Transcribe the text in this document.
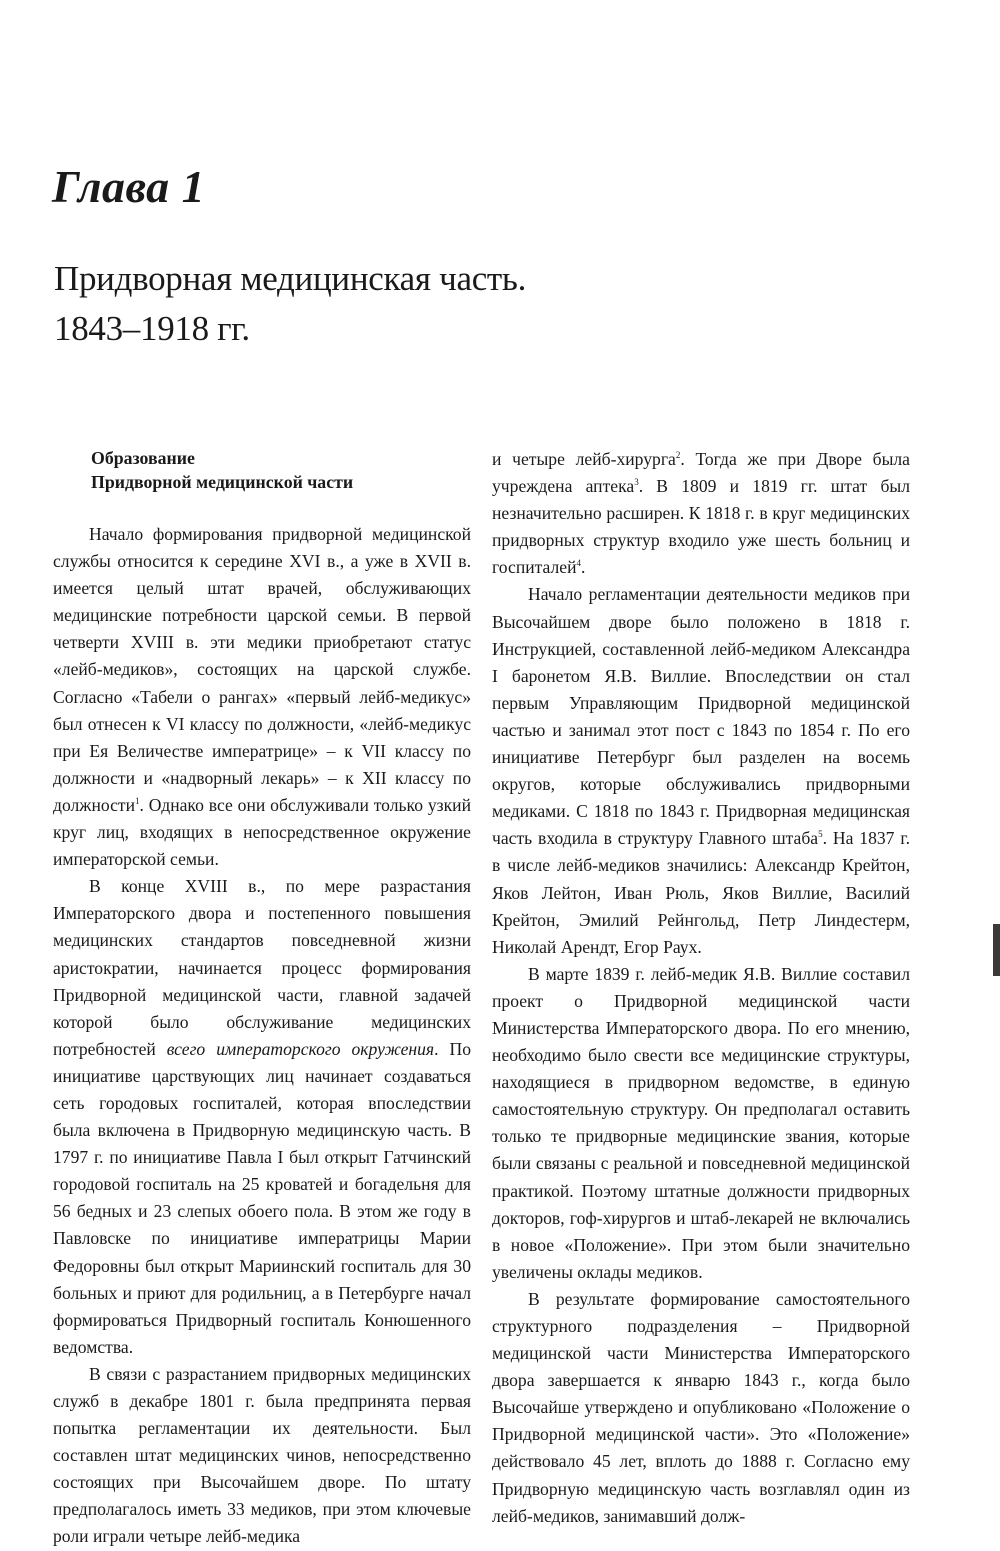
Глава 1
Придворная медицинская часть.
1843–1918 гг.
Образование
Придворной медицинской части

Начало формирования придворной медицинской службы относится к середине XVI в., а уже в XVII в. имеется целый штат врачей, обслуживающих медицинские потребности царской семьи. В первой четверти XVIII в. эти медики приобретают статус «лейб-медиков», состоящих на царской службе. Согласно «Табели о рангах» «первый лейб-медикус» был отнесен к VI классу по должности, «лейб-медикус при Ея Величестве императрице» – к VII классу по должности и «надворный лекарь» – к XII классу по должности$^1$. Однако все они обслуживали только узкий круг лиц, входящих в непосредственное окружение императорской семьи.

В конце XVIII в., по мере разрастания Императорского двора и постепенного повышения медицинских стандартов повседневной жизни аристократии, начинается процесс формирования Придворной медицинской части, главной задачей которой было обслуживание медицинских потребностей всего императорского окружения. По инициативе царствующих лиц начинает создаваться сеть городовых госпиталей, которая впоследствии была включена в Придворную медицинскую часть. В 1797 г. по инициативе Павла I был открыт Гатчинский городовой госпиталь на 25 кроватей и богадельня для 56 бедных и 23 слепых обоего пола. В этом же году в Павловске по инициативе императрицы Марии Федоровны был открыт Мариинский госпиталь для 30 больных и приют для родильниц, а в Петербурге начал формироваться Придворный госпиталь Конюшенного ведомства.

В связи с разрастанием придворных медицинских служб в декабре 1801 г. была предпринята первая попытка регламентации их деятельности. Был составлен штат медицинских чинов, непосредственно состоящих при Высочайшем дворе. По штату предполагалось иметь 33 медиков, при этом ключевые роли играли четыре лейб-медика

и четыре лейб-хирурга$^2$. Тогда же при Дворе была учреждена аптека$^3$. В 1809 и 1819 гг. штат был незначительно расширен. К 1818 г. в круг медицинских придворных структур входило уже шесть больниц и госпиталей$^4$.

Начало регламентации деятельности медиков при Высочайшем дворе было положено в 1818 г. Инструкцией, составленной лейб-медиком Александра I баронетом Я.В. Виллие. Впоследствии он стал первым Управляющим Придворной медицинской частью и занимал этот пост с 1843 по 1854 г. По его инициативе Петербург был разделен на восемь округов, которые обслуживались придворными медиками. С 1818 по 1843 г. Придворная медицинская часть входила в структуру Главного штаба$^5$. На 1837 г. в числе лейб-медиков значились: Александр Крейтон, Яков Лейтон, Иван Рюль, Яков Виллие, Василий Крейтон, Эмилий Рейнгольд, Петр Линдестерм, Николай Арендт, Егор Раух.

В марте 1839 г. лейб-медик Я.В. Виллие составил проект о Придворной медицинской части Министерства Императорского двора. По его мнению, необходимо было свести все медицинские структуры, находящиеся в придворном ведомстве, в единую самостоятельную структуру. Он предполагал оставить только те придворные медицинские звания, которые были связаны с реальной и повседневной медицинской практикой. Поэтому штатные должности придворных докторов, гоф-хирургов и штаб-лекарей не включались в новое «Положение». При этом были значительно увеличены оклады медиков.

В результате формирование самостоятельного структурного подразделения – Придворной медицинской части Министерства Императорского двора завершается к январю 1843 г., когда было Высочайше утверждено и опубликовано «Положение о Придворной медицинской части». Это «Положение» действовало 45 лет, вплоть до 1888 г. Согласно ему Придворную медицинскую часть возглавлял один из лейб-медиков, занимавший долж-
